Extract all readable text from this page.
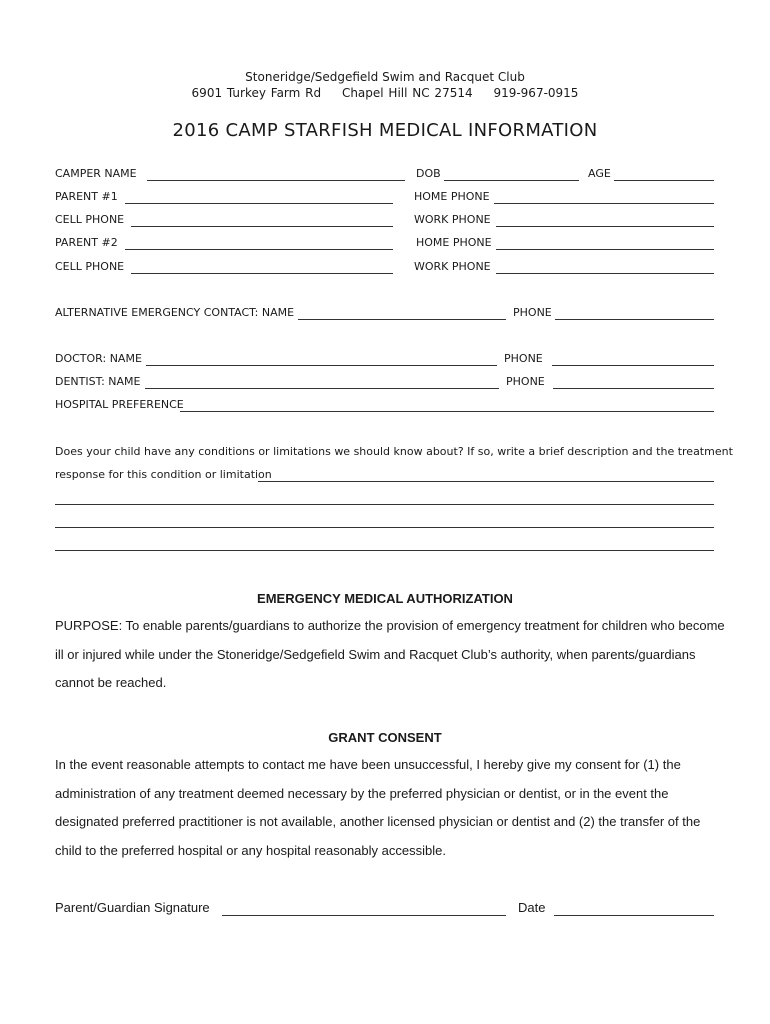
Stoneridge/Sedgefield Swim and Racquet Club
6901 Turkey Farm Rd Chapel Hill NC 27514 919-967-0915
2016 CAMP STARFISH MEDICAL INFORMATION
CAMPER NAME	DOB	AGE
PARENT #1	HOME PHONE
CELL PHONE	WORK PHONE
PARENT #2	HOME PHONE
CELL PHONE	WORK PHONE
ALTERNATIVE EMERGENCY CONTACT: NAME	PHONE
DOCTOR: NAME	PHONE
DENTIST: NAME	PHONE
HOSPITAL PREFERENCE
Does your child have any conditions or limitations we should know about? If so, write a brief description and the treatment
response for this condition or limitation
EMERGENCY MEDICAL AUTHORIZATION
PURPOSE: To enable parents/guardians to authorize the provision of emergency treatment for children who become ill or injured while under the Stoneridge/Sedgefield Swim and Racquet Club’s authority, when parents/guardians cannot be reached.
GRANT CONSENT
In the event reasonable attempts to contact me have been unsuccessful, I hereby give my consent for (1) the administration of any treatment deemed necessary by the preferred physician or dentist, or in the event the designated preferred practitioner is not available, another licensed physician or dentist and (2) the transfer of the child to the preferred hospital or any hospital reasonably accessible.
Parent/Guardian Signature	Date
